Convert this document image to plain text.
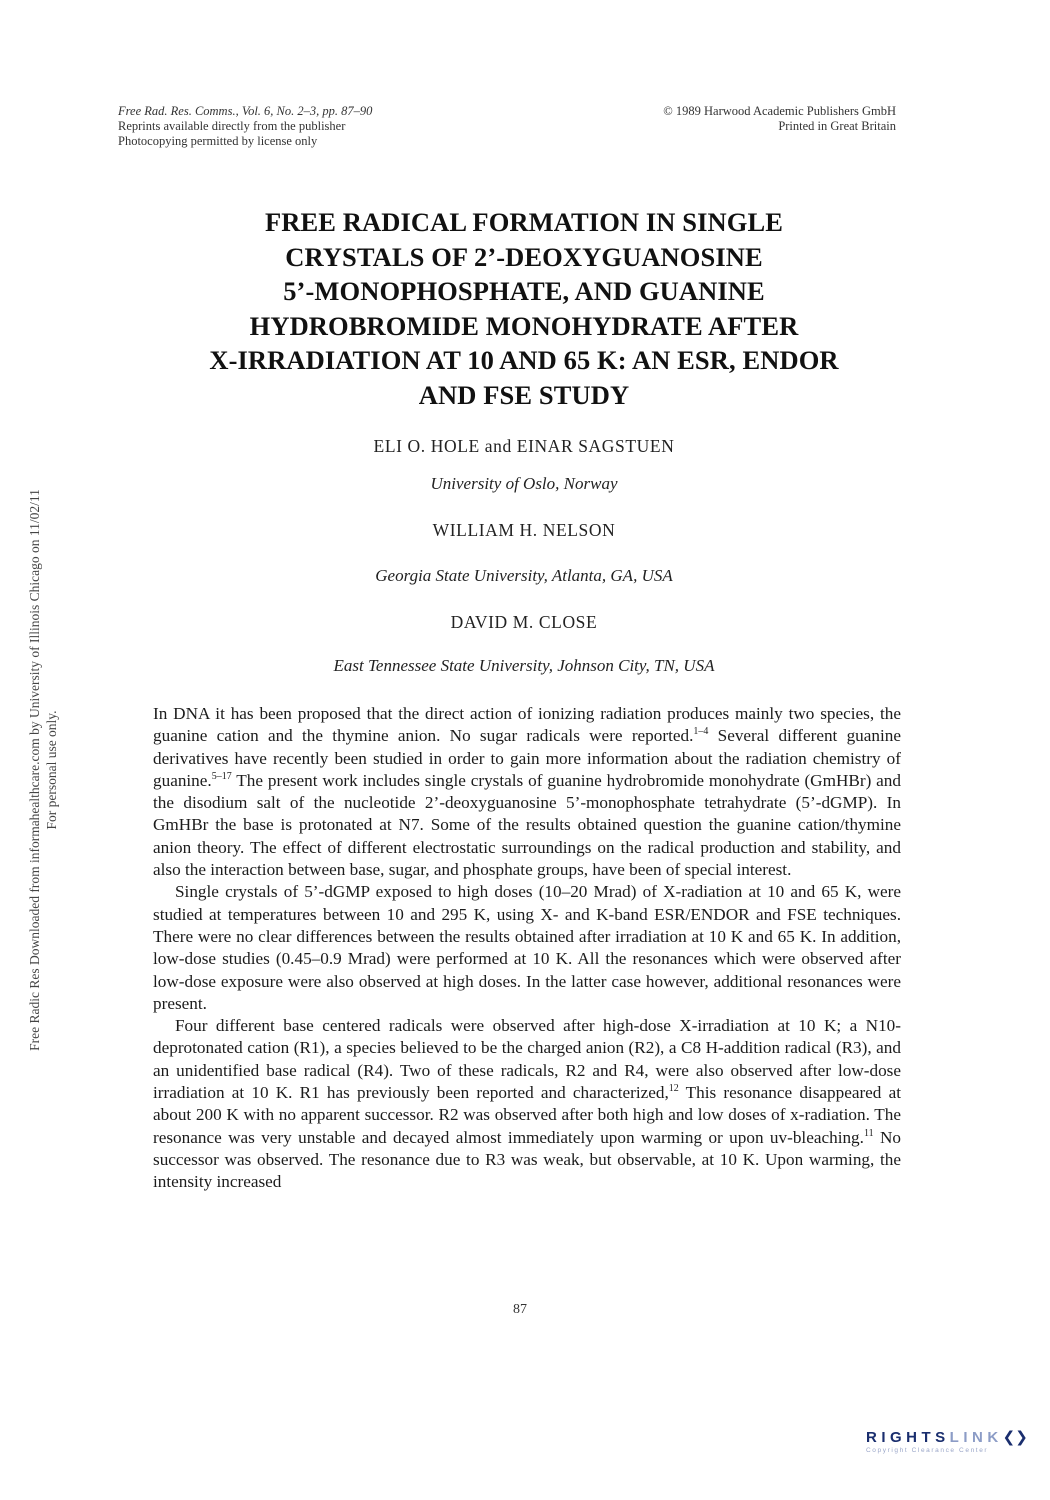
Free Rad. Res. Comms., Vol. 6, No. 2–3, pp. 87–90
Reprints available directly from the publisher
Photocopying permitted by license only
© 1989 Harwood Academic Publishers GmbH
Printed in Great Britain
FREE RADICAL FORMATION IN SINGLE
CRYSTALS OF 2’-DEOXYGUANOSINE
5’-MONOPHOSPHATE, AND GUANINE
HYDROBROMIDE MONOHYDRATE AFTER
X-IRRADIATION AT 10 AND 65 K: AN ESR, ENDOR
AND FSE STUDY
ELI O. HOLE and EINAR SAGSTUEN
University of Oslo, Norway
WILLIAM H. NELSON
Georgia State University, Atlanta, GA, USA
DAVID M. CLOSE
East Tennessee State University, Johnson City, TN, USA

In DNA it has been proposed that the direct action of ionizing radiation produces mainly two species, the guanine cation and the thymine anion. No sugar radicals were reported.$^{1-4}$ Several different guanine derivatives have recently been studied in order to gain more information about the radiation chemistry of guanine.$^{5-17}$ The present work includes single crystals of guanine hydrobromide monohydrate (GmHBr) and the disodium salt of the nucleotide 2’-deoxyguanosine 5’-monophosphate tetrahydrate (5’-dGMP). In GmHBr the base is protonated at N7. Some of the results obtained question the guanine cation/thymine anion theory. The effect of different electrostatic surroundings on the radical production and stability, and also the interaction between base, sugar, and phosphate groups, have been of special interest.

Single crystals of 5’-dGMP exposed to high doses (10–20 Mrad) of X-radiation at 10 and 65 K, were studied at temperatures between 10 and 295 K, using X- and K-band ESR/ENDOR and FSE techniques. There were no clear differences between the results obtained after irradiation at 10 K and 65 K. In addition, low-dose studies (0.45–0.9 Mrad) were performed at 10 K. All the resonances which were observed after low-dose exposure were also observed at high doses. In the latter case however, additional resonances were present.

Four different base centered radicals were observed after high-dose X-irradiation at 10 K; a N10-deprotonated cation (R1), a species believed to be the charged anion (R2), a C8 H-addition radical (R3), and an unidentified base radical (R4). Two of these radicals, R2 and R4, were also observed after low-dose irradiation at 10 K. R1 has previously been reported and characterized,$^{12}$ This resonance disappeared at about 200 K with no apparent successor. R2 was observed after both high and low doses of x-radiation. The resonance was very unstable and decayed almost immediately upon warming or upon uv-bleaching.$^{11}$ No successor was observed. The resonance due to R3 was weak, but observable, at 10 K. Upon warming, the intensity increased

87
Free Radic Res Downloaded from informahealthcare.com by University of Illinois Chicago on 11/02/11 For personal use only.
RIGHTSLINK❮❯
Copyright Clearance Center
